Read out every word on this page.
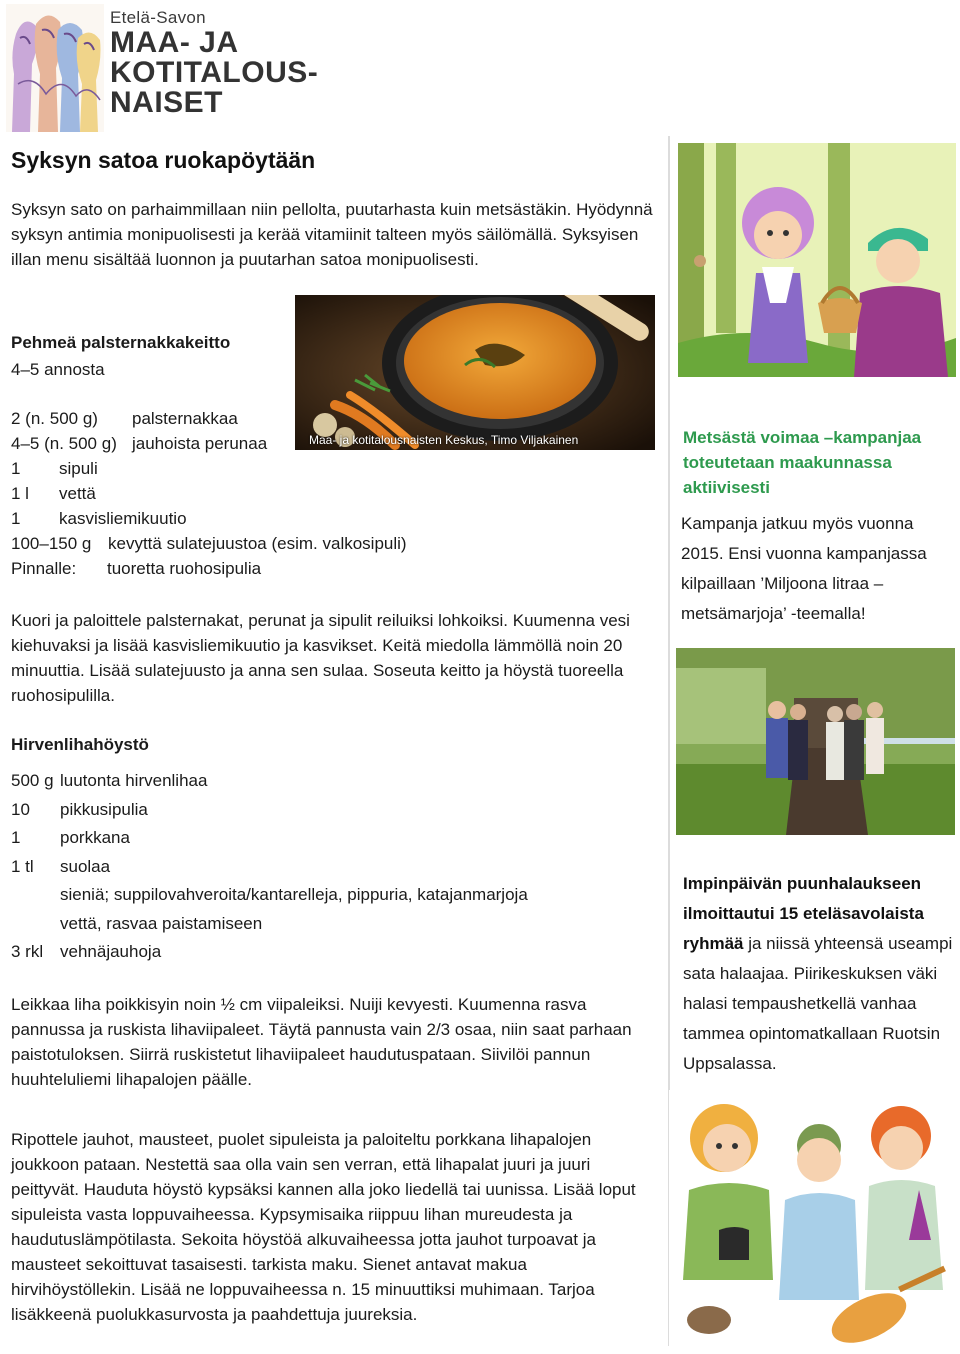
Etelä-Savon
MAA- JA
KOTITALOUS-
NAISET
Syksyn satoa ruokapöytään
Syksyn sato on parhaimmillaan niin pellolta, puutarhasta kuin metsästäkin. Hyödynnä syksyn antimia monipuolisesti ja kerää vitamiinit talteen myös säilömällä. Syksyisen illan menu sisältää luonnon ja puutarhan satoa monipuolisesti.
Maa- ja kotitalousnaisten Keskus, Timo Viljakainen
Pehmeä palsternakkakeitto
4–5 annosta
2 (n. 500 g) palsternakkaa
4–5 (n. 500 g) jauhoista perunaa
1 sipuli
1 l vettä
1 kasvisliemikuutio
100–150 g kevyttä sulatejuustoa (esim. valkosipuli)
Pinnalle: tuoretta ruohosipulia
Kuori ja paloittele palsternakat, perunat ja sipulit reiluiksi lohkoiksi. Kuumenna vesi kiehuvaksi ja lisää kasvisliemikuutio ja kasvikset. Keitä miedolla lämmöllä noin 20 minuuttia. Lisää sulatejuusto ja anna sen sulaa. Soseuta keitto ja höystä tuoreella ruohosipulilla.
Hirvenlihahöystö
500 g luutonta hirvenlihaa
10 pikkusipulia
1 porkkana
1 tl suolaa
sieniä; suppilovahveroita/kantarelleja, pippuria, katajanmarjoja
vettä, rasvaa paistamiseen
3 rkl vehnäjauhoja
Leikkaa liha poikkisyin noin ½ cm viipaleiksi. Nuiji kevyesti. Kuumenna rasva pannussa ja ruskista lihaviipaleet. Täytä pannusta vain 2/3 osaa, niin saat parhaan paistotuloksen. Siirrä ruskistetut lihaviipaleet haudutuspataan. Siivilöi pannun huuhteluliemi lihapalojen päälle.
Ripottele jauhot, mausteet, puolet sipuleista ja paloiteltu porkkana lihapalojen joukkoon pataan. Nestettä saa olla vain sen verran, että lihapalat juuri ja juuri peittyvät. Hauduta höystö kypsäksi kannen alla joko liedellä tai uunissa. Lisää loput sipuleista vasta loppuvaiheessa. Kypsymisaika riippuu lihan mureudesta ja haudutuslämpötilasta. Sekoita höystöä alkuvaiheessa jotta jauhot turpoavat ja mausteet sekoittuvat tasaisesti. tarkista maku. Sienet antavat makua hirvihöystöllekin. Lisää ne loppuvaiheessa n. 15 minuuttiksi muhimaan. Tarjoa lisäkkeenä puolukkasurvosta ja paahdettuja juureksia.
Metsästä voimaa –kampanjaa toteutetaan maakunnassa aktiivisesti
Kampanja jatkuu myös vuonna 2015. Ensi vuonna kampanjassa kilpaillaan ’Miljoona litraa – metsämarjoja’ -teemalla!
Impinpäivän puunhalaukseen ilmoittautui 15 eteläsavolaista ryhmää ja niissä yhteensä useampi sata halaajaa. Piirikeskuksen väki halasi tempaushetkellä vanhaa tammea opintomatkallaan Ruotsin Uppsalassa.
